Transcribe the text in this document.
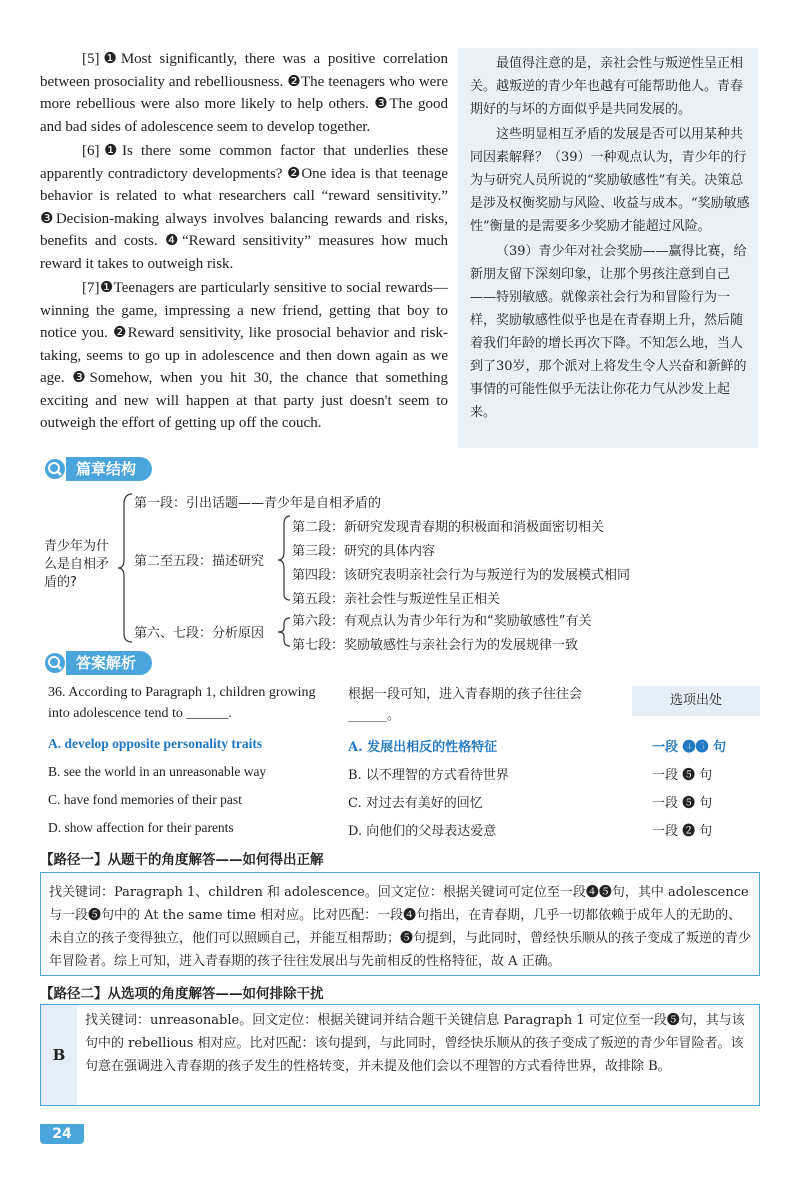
[5]❶Most significantly, there was a positive correlation between prosociality and rebelliousness. ❷The teenagers who were more rebellious were also more likely to help others. ❸The good and bad sides of adolescence seem to develop together.

[6]❶Is there some common factor that underlies these apparently contradictory developments? ❷One idea is that teenage behavior is related to what researchers call “reward sensitivity.” ❸Decision-making always involves balancing rewards and risks, benefits and costs. ❹“Reward sensitivity” measures how much reward it takes to outweigh risk.

[7]❶Teenagers are particularly sensitive to social rewards—winning the game, impressing a new friend, getting that boy to notice you. ❷Reward sensitivity, like prosocial behavior and risk-taking, seems to go up in adolescence and then down again as we age. ❸Somehow, when you hit 30, the chance that something exciting and new will happen at that party just doesn't seem to outweigh the effort of getting up off the couch.

最值得注意的是，亲社会性与叛逆性呈正相关。越叛逆的青少年也越有可能帮助他人。青春期好的与坏的方面似乎是共同发展的。

这些明显相互矛盾的发展是否可以用某种共同因素解释？（39）一种观点认为，青少年的行为与研究人员所说的“奖励敏感性”有关。决策总是涉及权衡奖励与风险、收益与成本。“奖励敏感性”衡量的是需要多少奖励才能超过风险。

（39）青少年对社会奖励——赢得比赛，给新朋友留下深刻印象，让那个男孩注意到自己——特别敏感。就像亲社会行为和冒险行为一样，奖励敏感性似乎也是在青春期上升，然后随着我们年龄的增长再次下降。不知怎么地，当人到了30岁，那个派对上将发生令人兴奋和新鲜的事情的可能性似乎无法让你花力气从沙发上起来。

篇章结构
青少年为什么是自相矛盾的?
第一段：引出话题——青少年是自相矛盾的
第二至五段：描述研究
第二段：新研究发现青春期的积极面和消极面密切相关
第三段：研究的具体内容
第四段：该研究表明亲社会行为与叛逆行为的发展模式相同
第五段：亲社会性与叛逆性呈正相关
第六、七段：分析原因
第六段：有观点认为青少年行为和“奖励敏感性”有关
第七段：奖励敏感性与亲社会行为的发展规律一致
答案解析
36. According to Paragraph 1, children growing into adolescence tend to ______.
根据一段可知，进入青春期的孩子往往会______。
选项出处
A. develop opposite personality traits	A. 发展出相反的性格特征	一段 ❹❺ 句
B. see the world in an unreasonable way	B. 以不理智的方式看待世界	一段 ❺ 句
C. have fond memories of their past	C. 对过去有美好的回忆	一段 ❺ 句
D. show affection for their parents	D. 向他们的父母表达爱意	一段 ❷ 句
【路径一】从题干的角度解答——如何得出正解
找关键词：Paragraph 1、children 和 adolescence。回文定位：根据关键词可定位至一段❹❺句，其中 adolescence 与一段❺句中的 At the same time 相对应。比对匹配：一段❹句指出，在青春期，几乎一切都依赖于成年人的无助的、未自立的孩子变得独立，他们可以照顾自己，并能互相帮助；❺句提到，与此同时，曾经快乐顺从的孩子变成了叛逆的青少年冒险者。综上可知，进入青春期的孩子往往发展出与先前相反的性格特征，故 A 正确。
【路径二】从选项的角度解答——如何排除干扰
B
找关键词：unreasonable。回文定位：根据关键词并结合题干关键信息 Paragraph 1 可定位至一段❺句，其与该句中的 rebellious 相对应。比对匹配：该句提到，与此同时，曾经快乐顺从的孩子变成了叛逆的青少年冒险者。该句意在强调进入青春期的孩子发生的性格转变，并未提及他们会以不理智的方式看待世界，故排除 B。
24
